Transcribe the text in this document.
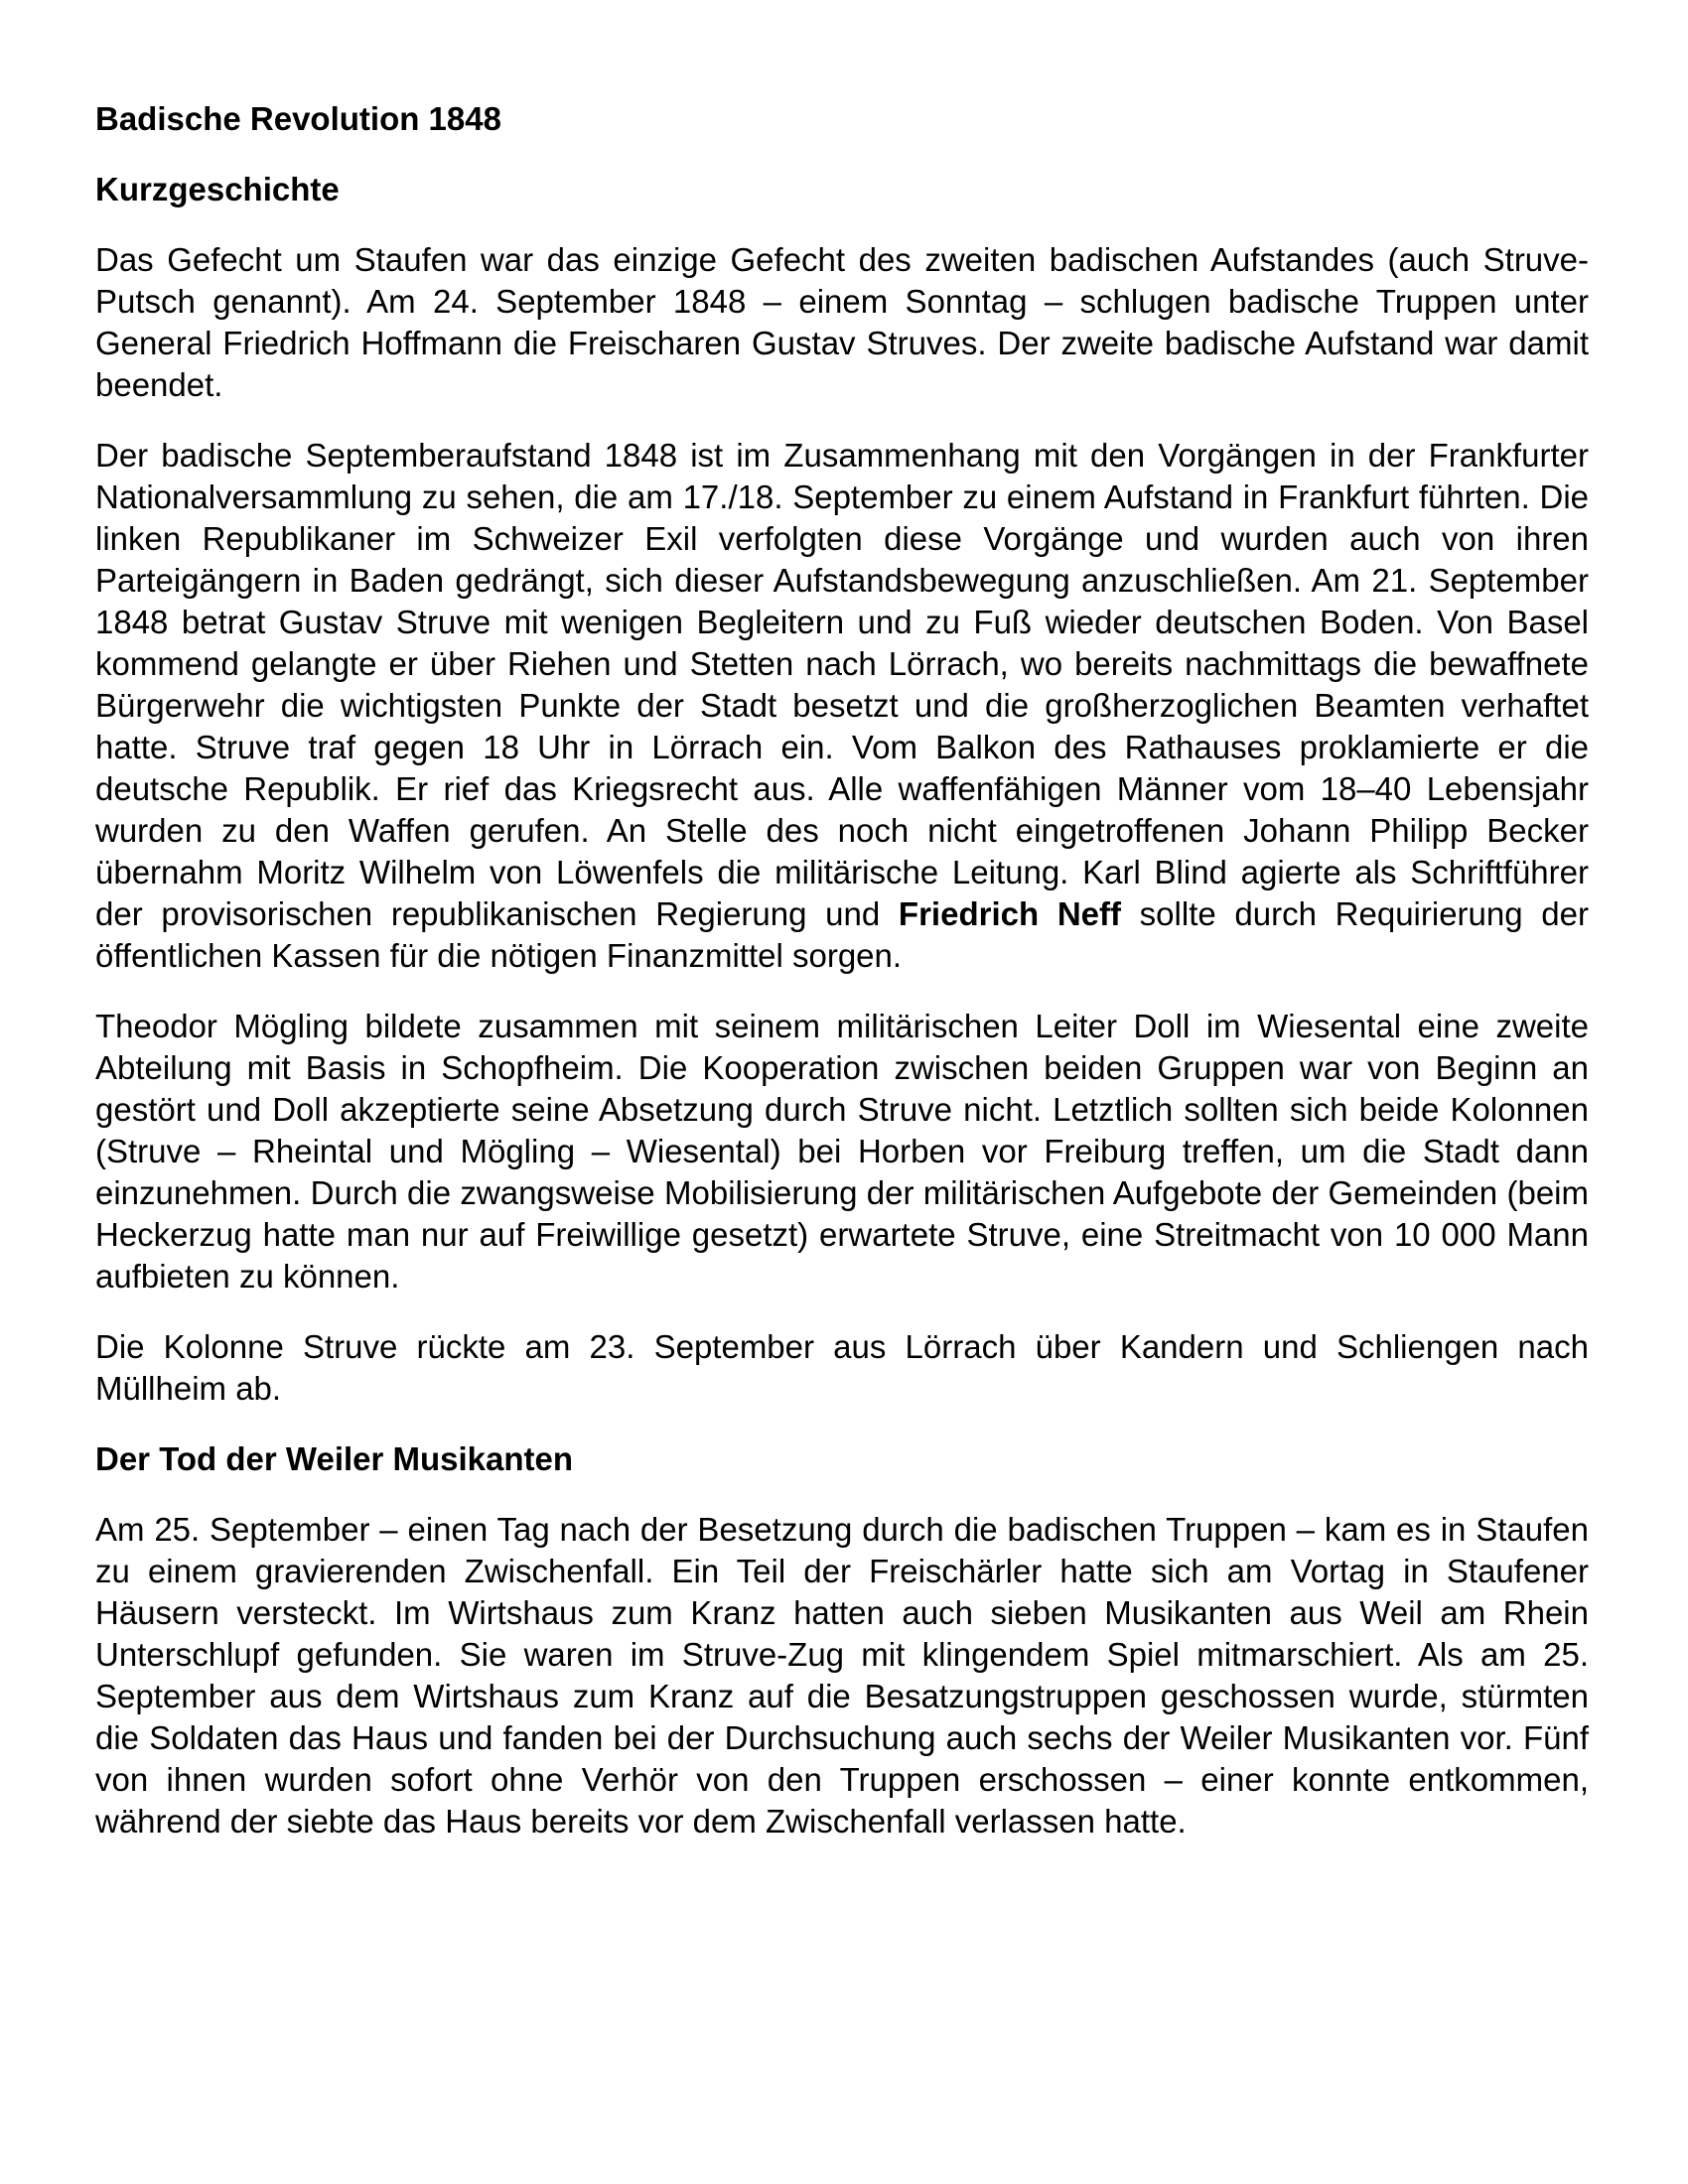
Badische Revolution 1848
Kurzgeschichte

Das Gefecht um Staufen war das einzige Gefecht des zweiten badischen Aufstandes (auch Struve-Putsch genannt). Am 24. September 1848 – einem Sonntag – schlugen badische Truppen unter General Friedrich Hoffmann die Freischaren Gustav Struves. Der zweite badische Aufstand war damit beendet.

Der badische Septemberaufstand 1848 ist im Zusammenhang mit den Vorgängen in der Frankfurter Nationalversammlung zu sehen, die am 17./18. September zu einem Aufstand in Frankfurt führten. Die linken Republikaner im Schweizer Exil verfolgten diese Vorgänge und wurden auch von ihren Parteigängern in Baden gedrängt, sich dieser Aufstandsbewegung anzuschließen. Am 21. September 1848 betrat Gustav Struve mit wenigen Begleitern und zu Fuß wieder deutschen Boden. Von Basel kommend gelangte er über Riehen und Stetten nach Lörrach, wo bereits nachmittags die bewaffnete Bürgerwehr die wichtigsten Punkte der Stadt besetzt und die großherzoglichen Beamten verhaftet hatte. Struve traf gegen 18 Uhr in Lörrach ein. Vom Balkon des Rathauses proklamierte er die deutsche Republik. Er rief das Kriegsrecht aus. Alle waffenfähigen Männer vom 18–40 Lebensjahr wurden zu den Waffen gerufen. An Stelle des noch nicht eingetroffenen Johann Philipp Becker übernahm Moritz Wilhelm von Löwenfels die militärische Leitung. Karl Blind agierte als Schriftführer der provisorischen republikanischen Regierung und Friedrich Neff sollte durch Requirierung der öffentlichen Kassen für die nötigen Finanzmittel sorgen.

Theodor Mögling bildete zusammen mit seinem militärischen Leiter Doll im Wiesental eine zweite Abteilung mit Basis in Schopfheim. Die Kooperation zwischen beiden Gruppen war von Beginn an gestört und Doll akzeptierte seine Absetzung durch Struve nicht. Letztlich sollten sich beide Kolonnen (Struve – Rheintal und Mögling – Wiesental) bei Horben vor Freiburg treffen, um die Stadt dann einzunehmen. Durch die zwangsweise Mobilisierung der militärischen Aufgebote der Gemeinden (beim Heckerzug hatte man nur auf Freiwillige gesetzt) erwartete Struve, eine Streitmacht von 10 000 Mann aufbieten zu können.

Die Kolonne Struve rückte am 23. September aus Lörrach über Kandern und Schliengen nach Müllheim ab.

Der Tod der Weiler Musikanten

Am 25. September – einen Tag nach der Besetzung durch die badischen Truppen – kam es in Staufen zu einem gravierenden Zwischenfall. Ein Teil der Freischärler hatte sich am Vortag in Staufener Häusern versteckt. Im Wirtshaus zum Kranz hatten auch sieben Musikanten aus Weil am Rhein Unterschlupf gefunden. Sie waren im Struve-Zug mit klingendem Spiel mitmarschiert. Als am 25. September aus dem Wirtshaus zum Kranz auf die Besatzungstruppen geschossen wurde, stürmten die Soldaten das Haus und fanden bei der Durchsuchung auch sechs der Weiler Musikanten vor. Fünf von ihnen wurden sofort ohne Verhör von den Truppen erschossen – einer konnte entkommen, während der siebte das Haus bereits vor dem Zwischenfall verlassen hatte.
